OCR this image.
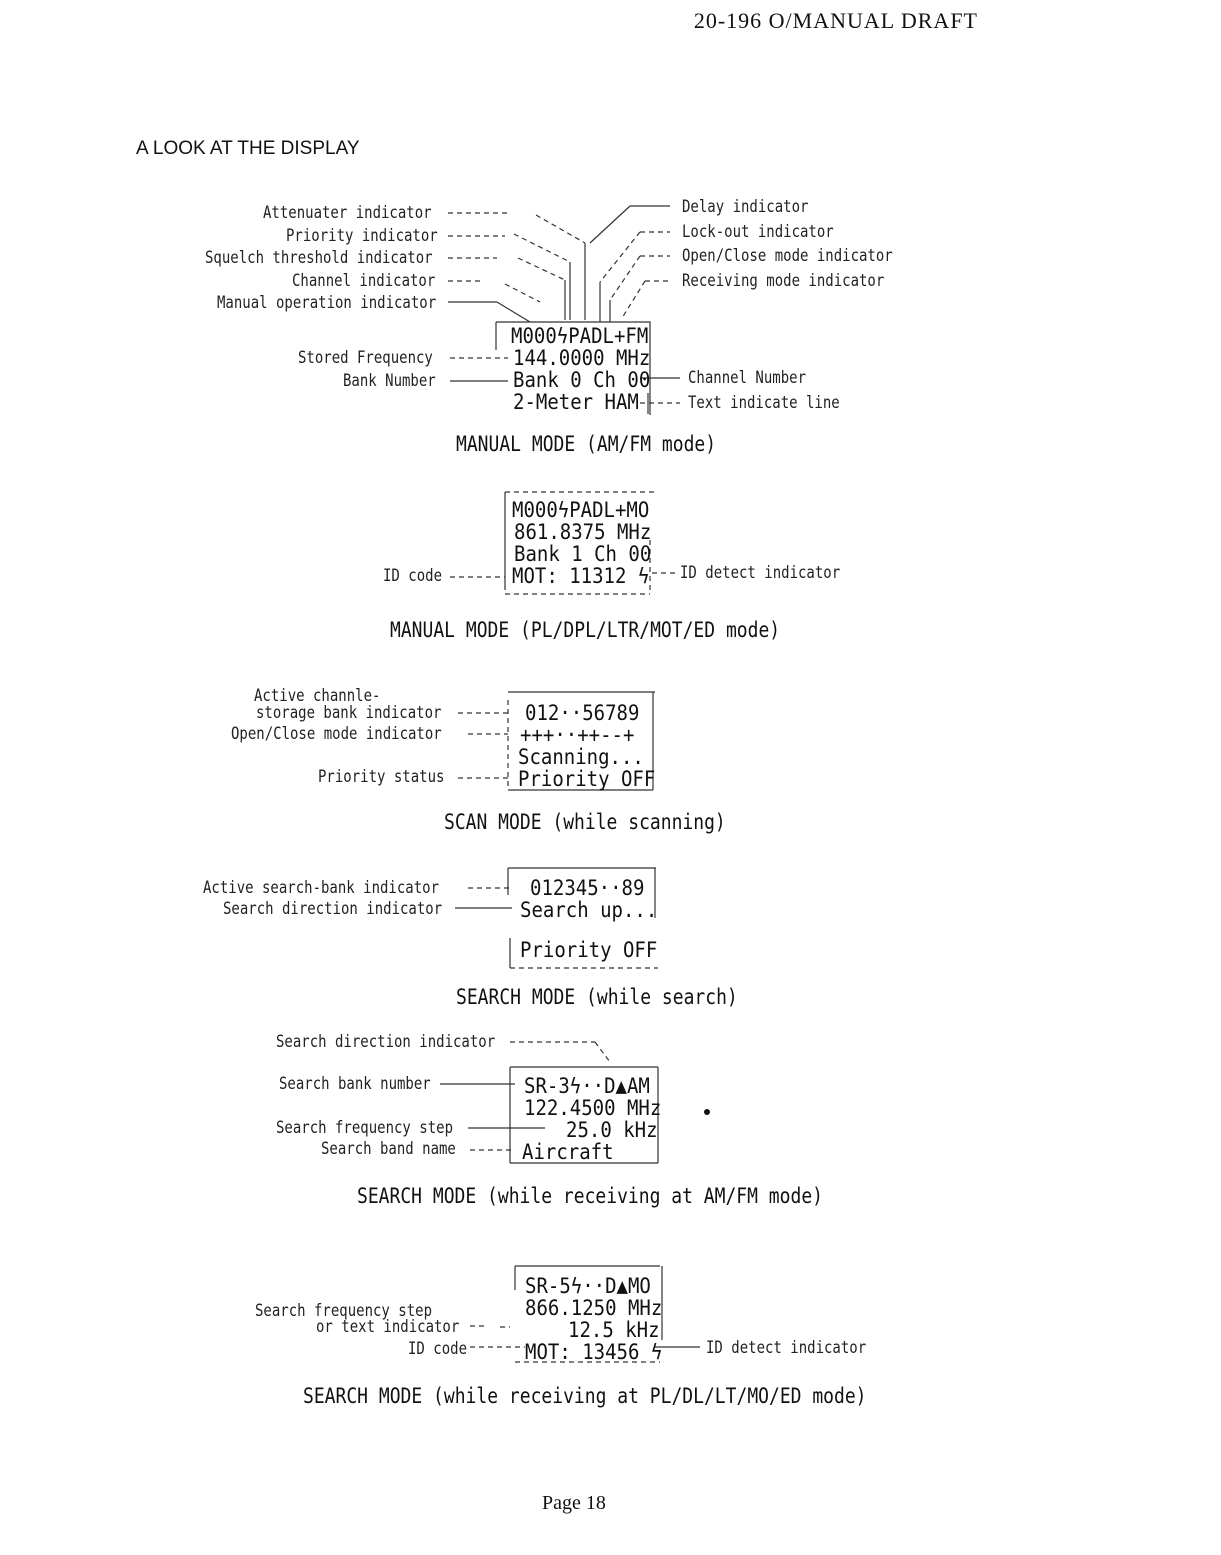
20-196 O/MANUAL DRAFT
A LOOK AT THE DISPLAY
Attenuater indicator
Priority indicator
Squelch threshold indicator
Channel indicator
Manual operation indicator
Delay indicator
Lock-out indicator
Open/Close mode indicator
Receiving mode indicator
M000ϟPADL+FM
144.0000 MHz
Bank 0 Ch 00
2-Meter HAM
Stored Frequency
Bank Number	Channel Number
Text indicate line
MANUAL MODE (AM/FM mode)
M000ϟPADL+MO
861.8375 MHz
Bank 1 Ch 00
MOT: 11312 ϟ
ID code	ID detect indicator
MANUAL MODE (PL/DPL/LTR/MOT/ED mode)
Active channle-
storage bank indicator
Open/Close mode indicator
Priority status
012··56789
+++··++--+
Scanning...
Priority OFF
SCAN MODE (while scanning)
Active search-bank indicator
Search direction indicator
012345··89
Search up...
Priority OFF
SEARCH MODE (while search)
Search direction indicator
Search bank number
Search frequency step
Search band name
SR-3ϟ··D▲AM
122.4500 MHz
25.0 kHz
Aircraft
SEARCH MODE (while receiving at AM/FM mode)
Search frequency step
or text indicator
ID code	ID detect indicator
SR-5ϟ··D▲MO
866.1250 MHz
12.5 kHz
MOT: 13456 ϟ
SEARCH MODE (while receiving at PL/DL/LT/MO/ED mode)
Page 18
